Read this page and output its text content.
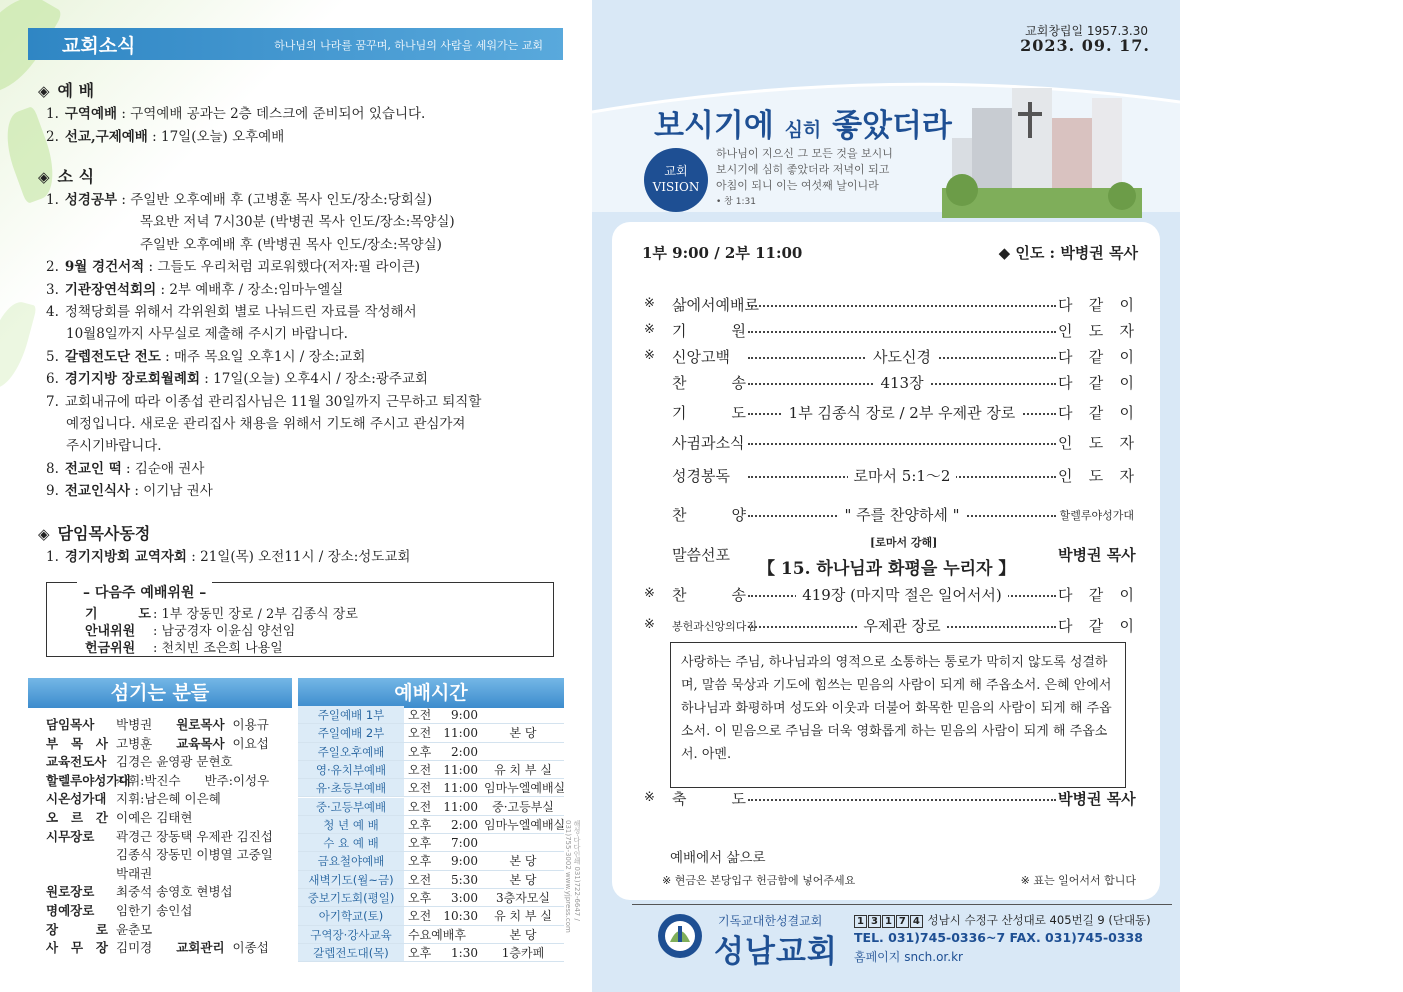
교회소식	하나님의 나라를 꿈꾸며, 하나님의 사람을 세워가는 교회
◈ 예 배
◈ 소 식
◈ 담임목사동정
– 다음주 예배위원 –
기 도 : 1부 장동민 장로 / 2부 김종식 장로
안내위원 : 남궁경자 이윤심 양선임
헌금위원 : 천치빈 조은희 나용일
섬기는 분들	예배시간
담임목사 박병권 원로목사 이용규
부 목 사 고병훈 교육목사 이요섭
교육전도사 김경은 윤영광 문현호
할렐루야성가대지휘:박진수 반주:이성우
시온성가대 지휘:남은혜 이은혜
오 르 간 이예은 김태현
시무장로 곽경근 장동택 우제관 김진섭
김종식 장동민 이병열 고중일
박래권
원로장로 최중석 송영호 현병섭
명예장로 임한기 송인섭
장 로 윤춘모
사 무 장 김미경 교회관리 이종섭
주일예배 1부	오전	9:00
주일예배 2부	오전	11:00	본 당
주일오후예배	오후	2:00
영·유치부예배	오전	11:00	유 치 부 실
유·초등부예배	오전	11:00 임마누엘예배실
중·고등부예배	오전	11:00	중·고등부실
청 년 예 배	오후	2:00 임마누엘예배실
수 요 예 배	오후	7:00
금요철야예배	오후	9:00	본 당
새벽기도(월~금)	오전	5:30	본 당
중보기도회(평일)	오후	3:00	3층자모실
아기학교(토)	오전	10:30	유 치 부 실
구역장·강사교육	수요예배후	본 당
갈렙전도대(목)	오후	1:30	1층카페
해성·다다인쇄 031)722-6647 / 031)755-3002 www.yjpress.com
1. 구역예배 : 구역예배 공과는 2층 데스크에 준비되어 있습니다.
2. 선교,구제예배 : 17일(오늘) 오후예배
1. 성경공부 : 주일반 오후예배 후 (고병훈 목사 인도/장소:당회실)
목요반 저녁 7시30분 (박병권 목사 인도/장소:목양실)
주일반 오후예배 후 (박병권 목사 인도/장소:목양실)
2. 9월 경건서적 : 그들도 우리처럼 괴로워했다(저자:필 라이큰)
3. 기관장연석회의 : 2부 예배후 / 장소:임마누엘실
4. 정책당회를 위해서 각위원회 별로 나눠드린 자료를 작성해서
10월8일까지 사무실로 제출해 주시기 바랍니다.
5. 갈렙전도단 전도 : 매주 목요일 오후1시 / 장소:교회
6. 경기지방 장로회월례회 : 17일(오늘) 오후4시 / 장소:광주교회
7. 교회내규에 따라 이종섭 관리집사님은 11월 30일까지 근무하고 퇴직할
예정입니다. 새로운 관리집사 채용을 위해서 기도해 주시고 관심가져
주시기바랍니다.
8. 전교인 떡 : 김순애 권사
9. 전교인식사 : 이기남 권사
1. 경기지방회 교역자회 : 21일(목) 오전11시 / 장소:성도교회
교회창립일 1957.3.30
2023. 09. 17.
보시기에 심히 좋았더라
교회
VISION
하나님이 지으신 그 모든 것을 보시니
보시기에 심히 좋았더라 저녁이 되고
아침이 되니 이는 여섯째 날이니라
• 창 1:31
1부 9:00 / 2부 11:00	◆ 인도 : 박병권 목사
[로마서 강해]
【 15. 하나님과 화평을 누리자 】
사랑하는 주님, 하나님과의 영적으로 소통하는 통로가 막히지 않도록 성결하며, 말씀 묵상과 기도에 힘쓰는 믿음의 사람이 되게 해 주옵소서. 은혜 안에서 하나님과 화평하며 성도와 이웃과 더불어 화목한 믿음의 사람이 되게 해 주옵소서. 이 믿음으로 주님을 더욱 영화롭게 하는 믿음의 사람이 되게 해 주옵소서. 아멘.
※ 축 도	박병권 목사
예배에서 삶으로
※ 현금은 본당입구 헌금함에 넣어주세요	※ 표는 일어서서 합니다
※ 삶에서예배로	다 같 이
※ 기 원	인 도 자
※ 신앙고백	사도신경	다 같 이
찬 송	413장	다 같 이
기 도	1부 김종식 장로 / 2부 우제관 장로	다 같 이
사귐과소식	인 도 자
성경봉독	로마서 5:1～2	인 도 자
찬 양	" 주를 찬양하세 "	할렐루야성가대
말씀선포	박병권 목사
※ 찬 송	419장 (마지막 절은 일어서서)	다 같 이
※ 봉헌과신앙의다짐	우제관 장로	다 같 이
기독교대한성결교회
성남교회
1 3 1 7 4 성남시 수정구 산성대로 405번길 9 (단대동)
TEL. 031)745-0336~7 FAX. 031)745-0338
홈페이지 snch.or.kr
